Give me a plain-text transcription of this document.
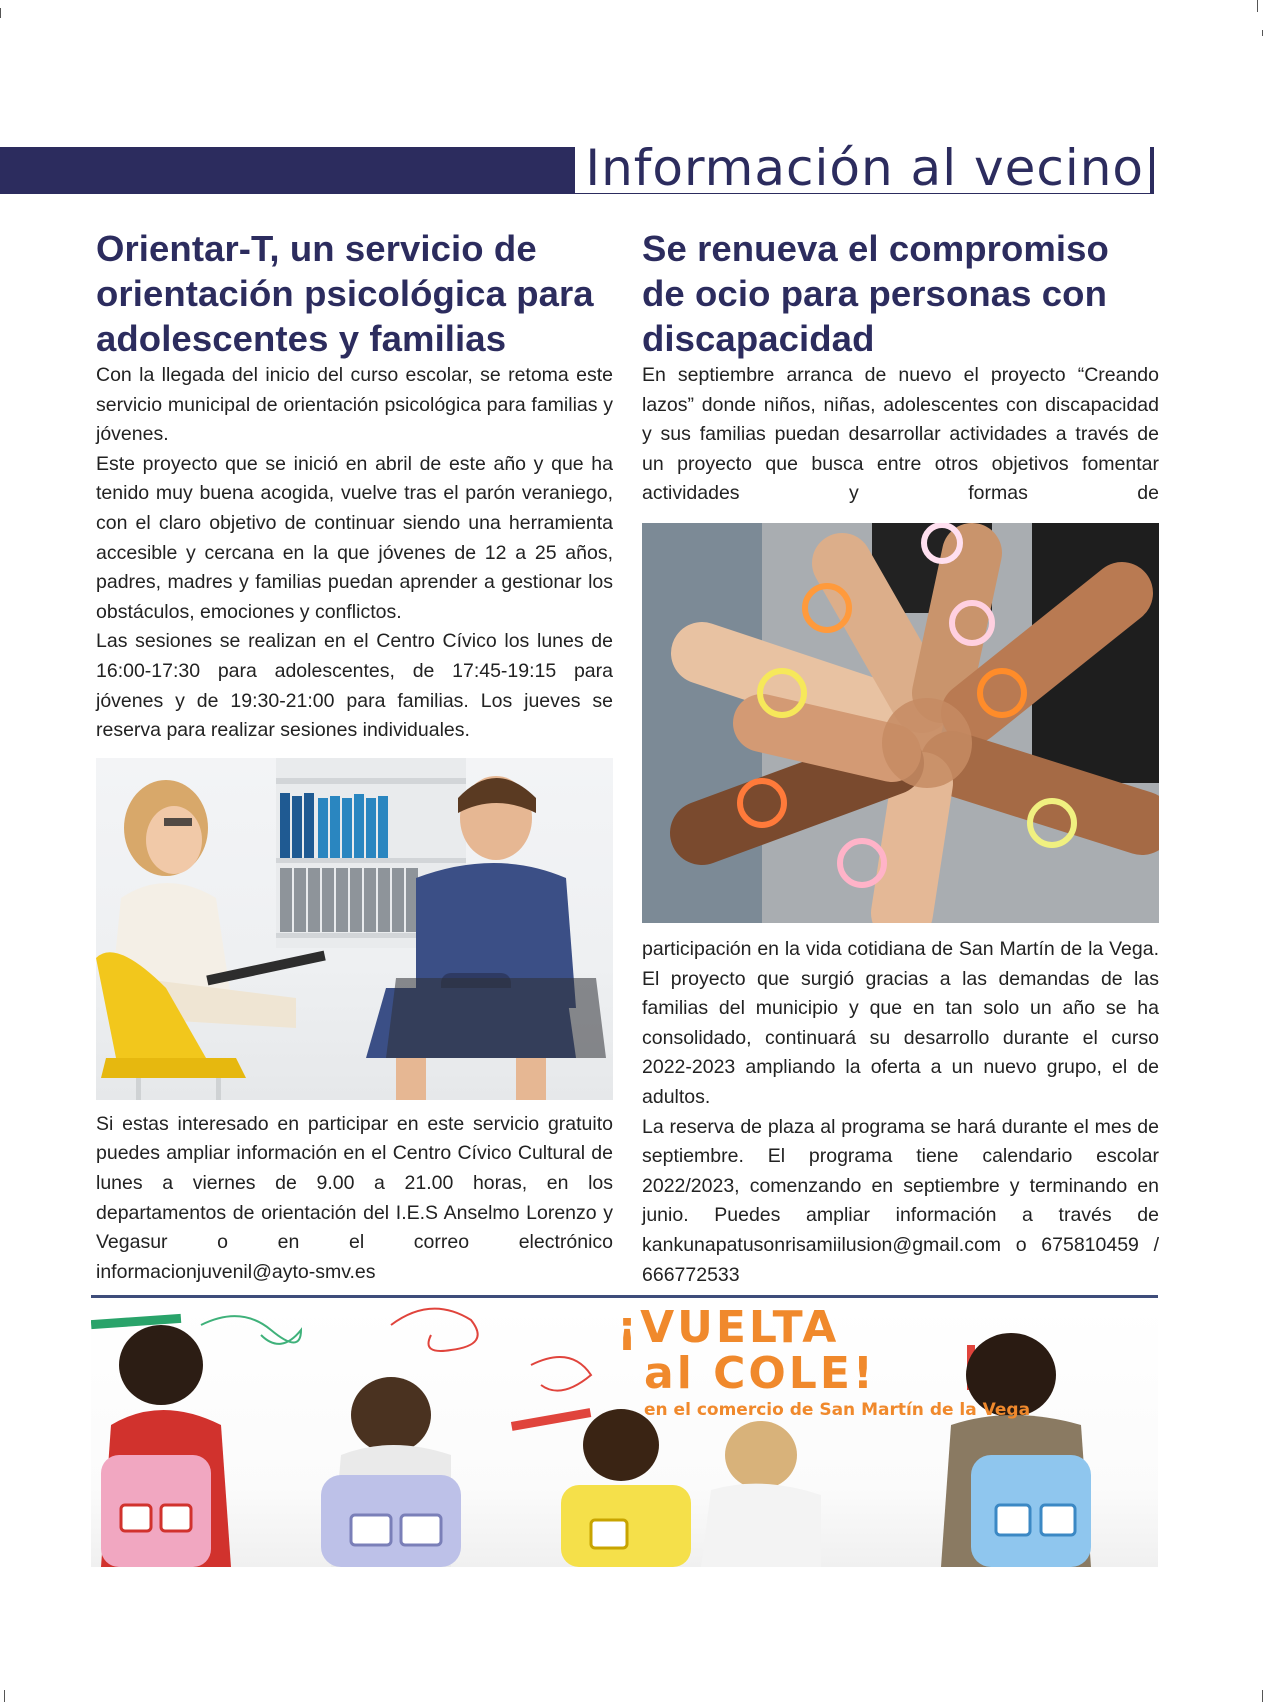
Información al vecino
Orientar-T, un servicio de orientación psicológica para adolescentes y familias

Con la llegada del inicio del curso escolar, se retoma este servicio municipal de orientación psicológica para familias y jóvenes.

Este proyecto que se inició en abril de este año y que ha tenido muy buena acogida, vuelve tras el parón veraniego, con el claro objetivo de continuar siendo una herramienta accesible y cercana en la que jóvenes de 12 a 25 años, padres, madres y familias puedan aprender a gestionar los obstáculos, emociones y conflictos.

Las sesiones se realizan en el Centro Cívico los lunes de 16:00-17:30 para adolescentes, de 17:45-19:15 para jóvenes y de 19:30-21:00 para familias. Los jueves se reserva para realizar sesiones individuales.

Si estas interesado en participar en este servicio gratuito puedes ampliar información en el Centro Cívico Cultural de lunes a viernes de 9.00 a 21.00 horas, en los departamentos de orientación del I.E.S Anselmo Lorenzo y Vegasur o en el correo electrónico informacionjuvenil@ayto-smv.es

Se renueva el compromiso de ocio para personas con discapacidad

En septiembre arranca de nuevo el proyecto “Creando lazos” donde niños, niñas, adolescentes con discapacidad y sus familias puedan desarrollar actividades a través de un proyecto que busca entre otros objetivos fomentar actividades y formas de

participación en la vida cotidiana de San Martín de la Vega. El proyecto que surgió gracias a las demandas de las familias del municipio y que en tan solo un año se ha consolidado, continuará su desarrollo durante el curso 2022-2023 ampliando la oferta a un nuevo grupo, el de adultos.

La reserva de plaza al programa se hará durante el mes de septiembre. El programa tiene calendario escolar 2022/2023, comenzando en septiembre y terminando en junio. Puedes ampliar información a través de kankunapatusonrisamiilusion@gmail.com o 675810459 / 666772533

¡VUELTA
al COLE!
en el comercio de San Martín de la Vega
